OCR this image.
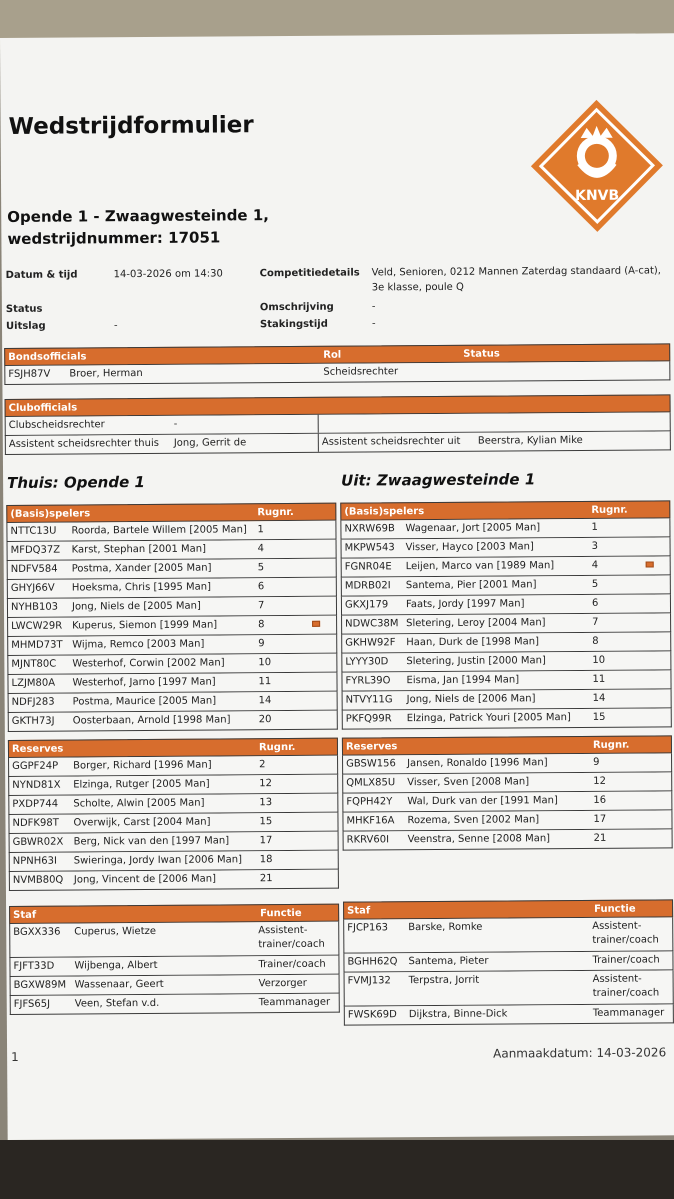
Wedstrijdformulier
Opende 1 - Zwaagwesteinde 1,
wedstrijdnummer: 17051
KNVB
Datum & tijd	14-03-2026 om 14:30
Status
Uitslag	-
Competitiedetails Veld, Senioren, 0212 Mannen Zaterdag standaard (A-cat),
3e klasse, poule Q
Omschrijving	-
Stakingstijd	-
Bondsofficials	Rol	Status
FSJH87V Broer, Herman	Scheidsrechter
Clubofficials
Clubscheidsrechter	-
Assistent scheidsrechter thuis Jong, Gerrit de	Assistent scheidsrechter uit Beerstra, Kylian Mike
Thuis: Opende 1	Uit: Zwaagwesteinde 1
(Basis)spelers	Rugnr.
NTTC13U Roorda, Bartele Willem [2005 Man] 1
MFDQ37Z Karst, Stephan [2001 Man]	4
NDFV584 Postma, Xander [2005 Man]	5
GHYJ66V Hoeksma, Chris [1995 Man]	6
NYHB103 Jong, Niels de [2005 Man]	7
LWCW29R Kuperus, Siemon [1999 Man]	8
MHMD73T Wijma, Remco [2003 Man]	9
MJNT80C Westerhof, Corwin [2002 Man]	10
LZJM80A Westerhof, Jarno [1997 Man]	11
NDFJ283 Postma, Maurice [2005 Man]	14
GKTH73J Oosterbaan, Arnold [1998 Man]	20
Reserves	Rugnr.
GGPF24P Borger, Richard [1996 Man]	2
NYND81X Elzinga, Rutger [2005 Man]	12
PXDP744 Scholte, Alwin [2005 Man]	13
NDFK98T Overwijk, Carst [2004 Man]	15
GBWR02X Berg, Nick van den [1997 Man]	17
NPNH63I Swieringa, Jordy Iwan [2006 Man] 18
NVMB80Q Jong, Vincent de [2006 Man]	21
Staf	Functie
BGXX336 Cuperus, Wietze	Assistent-
trainer/coach
FJFT33D Wijbenga, Albert	Trainer/coach
BGXW89M Wassenaar, Geert	Verzorger
FJFS65J Veen, Stefan v.d.	Teammanager
(Basis)spelers	Rugnr.
NXRW69B Wagenaar, Jort [2005 Man]	1
MKPW543 Visser, Hayco [2003 Man]	3
FGNR04E Leijen, Marco van [1989 Man]	4
MDRB02I Santema, Pier [2001 Man]	5
GKXJ179 Faats, Jordy [1997 Man]	6
NDWC38M Sletering, Leroy [2004 Man]	7
GKHW92F Haan, Durk de [1998 Man]	8
LYYY30D Sletering, Justin [2000 Man]	10
FYRL39O Eisma, Jan [1994 Man]	11
NTVY11G Jong, Niels de [2006 Man]	14
PKFQ99R Elzinga, Patrick Youri [2005 Man] 15
Reserves	Rugnr.
GBSW156 Jansen, Ronaldo [1996 Man]	9
QMLX85U Visser, Sven [2008 Man]	12
FQPH42Y Wal, Durk van der [1991 Man]	16
MHKF16A Rozema, Sven [2002 Man]	17
RKRV60I Veenstra, Senne [2008 Man]	21
Staf	Functie
FJCP163 Barske, Romke	Assistent-
trainer/coach
BGHH62Q Santema, Pieter	Trainer/coach
FVMJ132 Terpstra, Jorrit	Assistent-
trainer/coach
FWSK69D Dijkstra, Binne-Dick	Teammanager
1	Aanmaakdatum: 14-03-2026
